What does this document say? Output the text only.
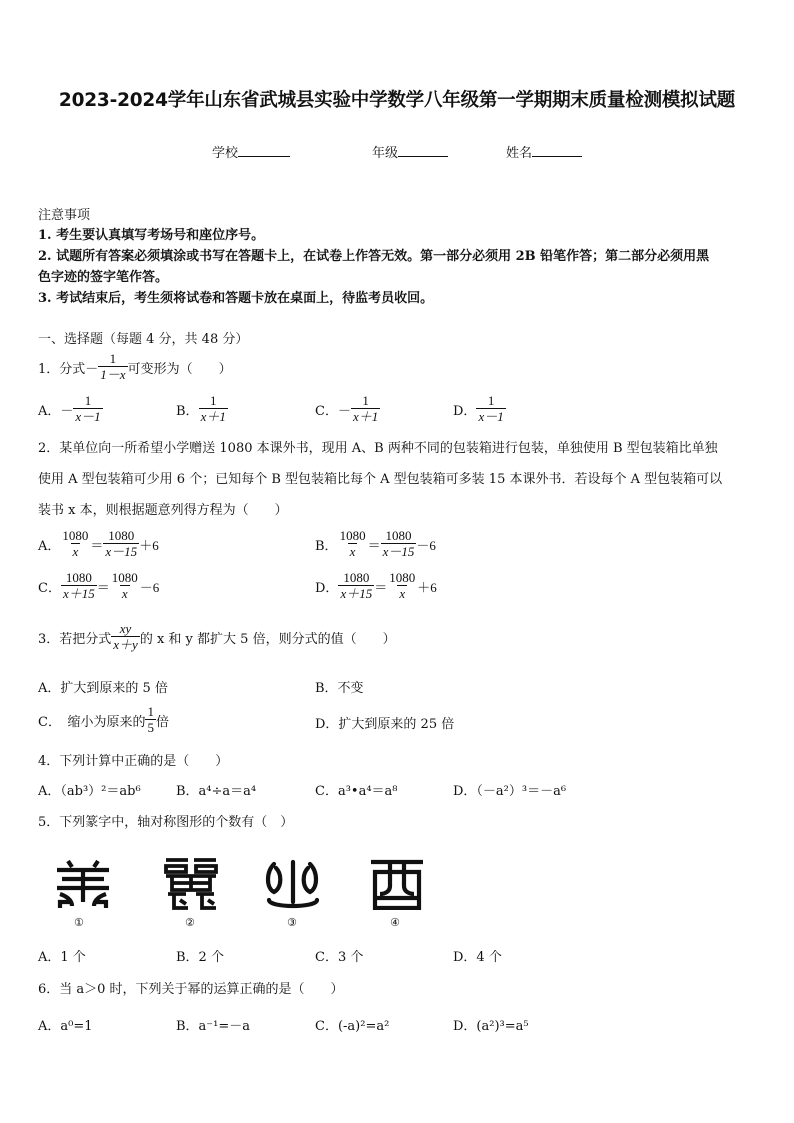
2023-2024学年山东省武城县实验中学数学八年级第一学期期末质量检测模拟试题
学校	年级	姓名
注意事项
1. 考生要认真填写考场号和座位序号。
2. 试题所有答案必须填涂或书写在答题卡上，在试卷上作答无效。第一部分必须用 2B 铅笔作答；第二部分必须用黑
色字迹的签字笔作答。
3. 考试结束后，考生须将试卷和答题卡放在桌面上，待监考员收回。
一、选择题（每题 4 分，共 48 分）
1．分式－ $\frac{1}{1-x}$ 可变形为（　　）
A．－ $\frac{1}{x-1}$	B． $\frac{1}{x+1}$	C．－ $\frac{1}{x+1}$	D． $\frac{1}{x-1}$
2．某单位向一所希望小学赠送 1080 本课外书，现用 A、B 两种不同的包装箱进行包装，单独使用 B 型包装箱比单独
使用 A 型包装箱可少用 6 个；已知每个 B 型包装箱比每个 A 型包装箱可多装 15 本课外书．若设每个 A 型包装箱可以
装书 x 本，则根据题意列得方程为（　　）
A． $\frac{1080}{x} = \frac{1080}{x-15} +6$	B． $\frac{1080}{x} = \frac{1080}{x-15} -6$
C． $\frac{1080}{x+15} = \frac{1080}{x} -6$	D． $\frac{1080}{x+15} = \frac{1080}{x} +6$
3．若把分式 $\frac{xy}{x+y}$ 的 x 和 y 都扩大 5 倍，则分式的值（　　）
A．扩大到原来的 5 倍	B．不变
C．　缩小为原来的 $\frac{1}{5}$ 倍	D．扩大到原来的 25 倍
4．下列计算中正确的是（　　）
A．（ab³）²＝ab⁶	B．a⁴÷a＝a⁴	C．a³•a⁴＝a⁸	D．（－a²）³＝－a⁶
5．下列篆字中，轴对称图形的个数有（　）
①	②	③	④
A．1 个	B．2 个	C．3 个	D．4 个
6．当 a＞0 时，下列关于幂的运算正确的是（　　）
A．a⁰=1	B．a⁻¹=－a	C．(-a)²=a²	D．(a²)³=a⁵
